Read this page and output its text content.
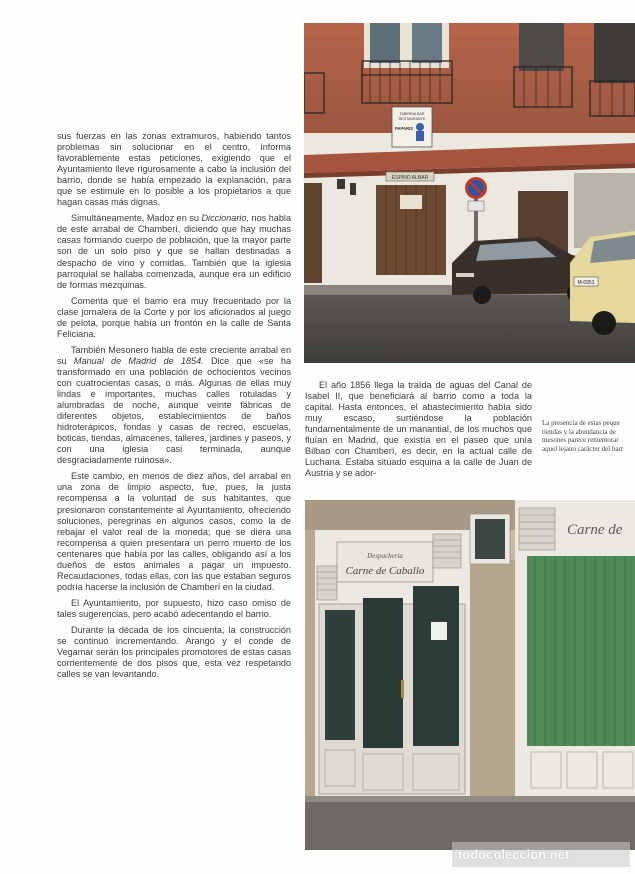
sus fuerzas en las zonas extramuros, habiendo tantos problemas sin solucionar en el centro, informa favorablemente estas peticiones, exigiendo que el Ayuntamiento lleve rigurosamente a cabo la inclusión del barrio, donde se había empezado la explanación, para que se estimule en lo posible a los propietarios a que hagan casas más dignas.

Simultáneamente, Madoz en su Diccionario, nos habla de este arrabal de Chamberí, diciendo que hay muchas casas formando cuerpo de población, que la mayor parte son de un solo piso y que se hallan destinadas a despacho de vino y comidas. También que la iglesia parroquial se hallaba comenzada, aunque era un edificio de formas mezquinas.

Comenta que el barrio era muy frecuentado por la clase jornalera de la Corte y por los aficionados al juego de pelota, porque había un frontón en la calle de Santa Feliciana.

También Mesonero habla de este creciente arrabal en su Manual de Madrid de 1854. Dice que «se ha transformado en una población de ochocientos vecinos con cuatrocientas casas, o más. Algunas de ellas muy lindas e importantes, muchas calles rotuladas y alumbradas de noche, aunque veinte fábricas de diferentes objetos, establecimientos de baños hidroterápicos, fondas y casas de recreo, escuelas, boticas, tiendas, almacenes, talleres, jardines y paseos, y con una iglesia casi terminada, aunque desgraciadamente ruinosa».

Este cambio, en menos de diez años, del arrabal en una zona de limpio aspecto, fue, pues, la justa recompensa a la voluntad de sus habitantes, que presionaron constantemente al Ayuntamiento, ofreciendo soluciones, peregrinas en algunos casos, como la de rebajar el valor real de la moneda; que se diera una recompensa a quien presentara un perro muerto de los centenares que había por las calles, obligando así a los dueños de estos animales a pagar un impuesto. Recaudaciones, todas ellas, con las que estaban seguros podría hacerse la inclusión de Chamberí en la ciudad.

El Ayuntamiento, por supuesto, hizo caso omiso de tales sugerencias, pero acabó adecentando el barrio.

Durante la década de los cincuenta, la construcción se continuó incrementando. Arango y el conde de Vegamar serán los principales promotores de estas casas corrientemente de dos pisos que, esta vez respetando calles se van levantando.

El año 1856 llega la traída de aguas del Canal de Isabel II, que beneficiará al barrio como a toda la capital. Hasta entonces, el abastecimiento había sido muy escaso, surtiéndose la población fundamentalmente de un manantial, de los muchos que fluían en Madrid, que existía en el paseo que unía Bilbao con Chamberí, es decir, en la actual calle de Luchana. Estaba situado esquina a la calle de Juan de Austria y se ador-
La presencia de estas peque
tiendas y la abundancia de
mesones parece rememorar
aquel lejano carácter del barr
TABERNA BAR
RESTAURANTE
PAPARIS
ESPINO ALBAR
M-0953
Despachería
Carne de Caballo
Carne de
todocoleccion.net
